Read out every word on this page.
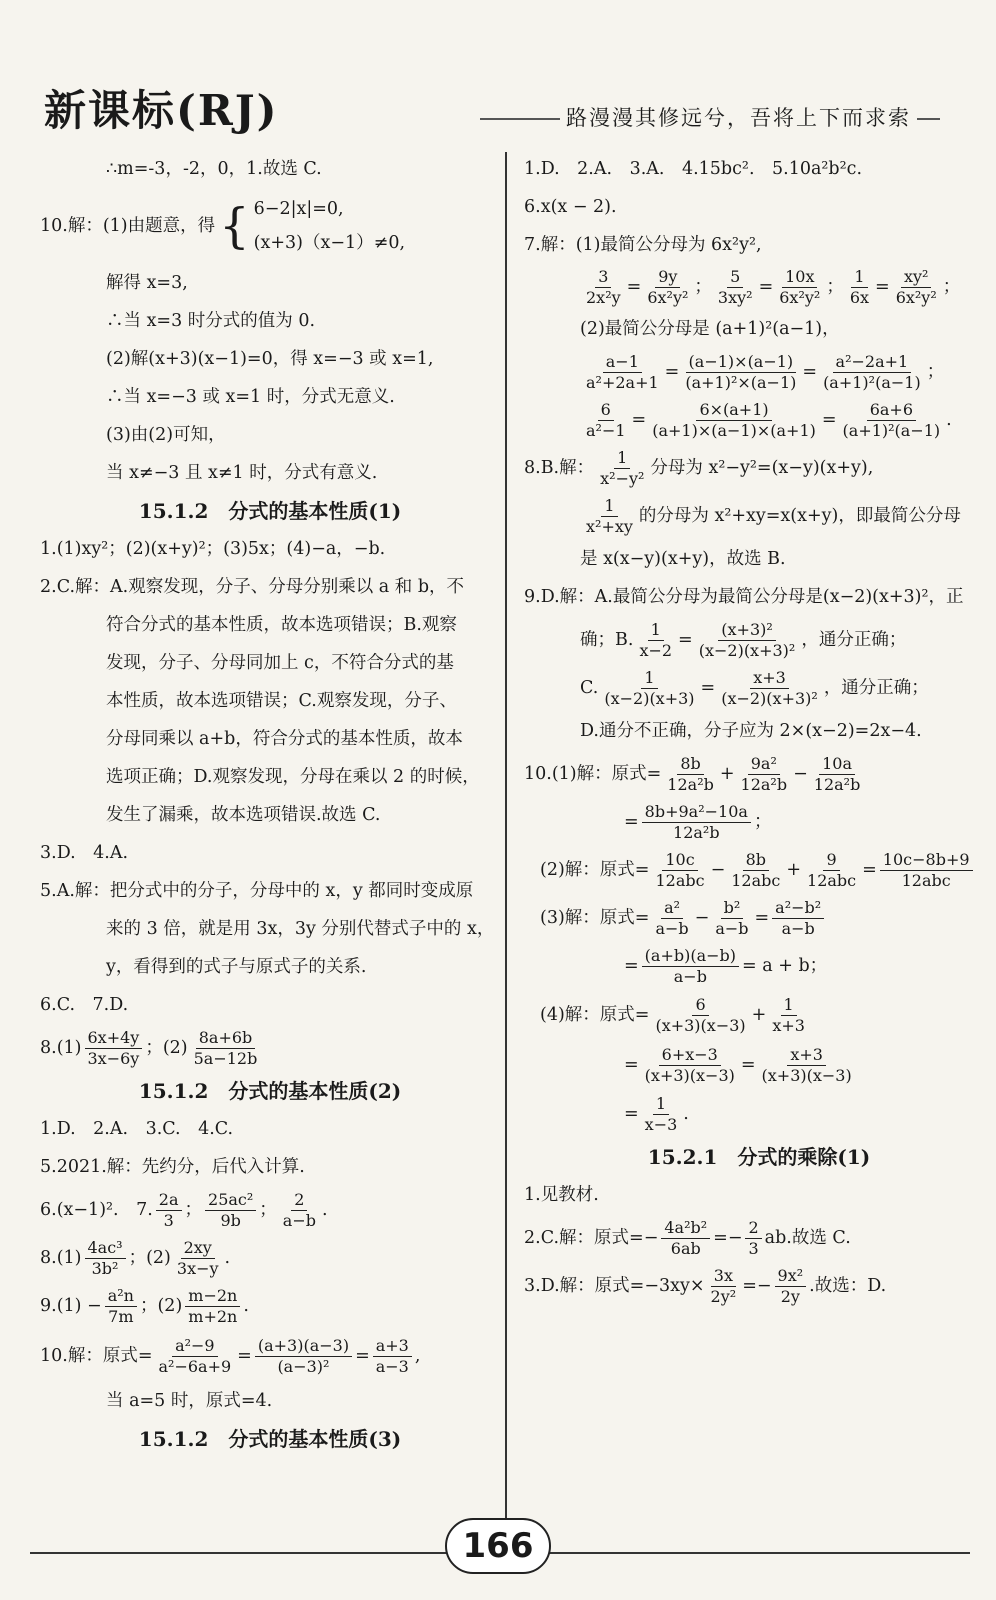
新课标(RJ)	路漫漫其修远兮，吾将上下而求索
∴m=-3，-2，0，1.故选 C.
10.解：(1)由题意，得 { 6−2|x|=0,
(x+3)（x−1）≠0,
解得 x=3,
∴当 x=3 时分式的值为 0.
(2)解(x+3)(x−1)=0，得 x=−3 或 x=1,
∴当 x=−3 或 x=1 时，分式无意义.
(3)由(2)可知，
当 x≠−3 且 x≠1 时，分式有意义.
15.1.2　分式的基本性质(1)
1.(1)xy²；(2)(x+y)²；(3)5x；(4)−a，−b.
2.C.解：A.观察发现，分子、分母分别乘以 a 和 b，不
符合分式的基本性质，故本选项错误；B.观察
发现，分子、分母同加上 c，不符合分式的基
本性质，故本选项错误；C.观察发现，分子、
分母同乘以 a+b，符合分式的基本性质，故本
选项正确；D.观察发现，分母在乘以 2 的时候，
发生了漏乘，故本选项错误.故选 C.
3.D.　4.A.
5.A.解：把分式中的分子，分母中的 x，y 都同时变成原
来的 3 倍，就是用 3x，3y 分别代替式子中的 x，
y，看得到的式子与原式子的关系.
6.C.　7.D.
$8.(1) \frac{6x+4y}{3x-6y}$ ；$(2) \frac{8a+6b}{5a-12b}$
15.1.2　分式的基本性质(2)
1.D.　2.A.　3.C.　4.C.
5.2021.解：先约分，后代入计算.
6.(x−1)².　7. $\frac{2a}{3}$ ； $\frac{\text{25ac²}}{9b}$ ； $\frac{2}{a-b}$ .
$8.(1) \frac{\text{4ac³}}{\text{3b²}}$ ；$(2) \frac{2xy}{3x-y}$ .
$9.(1) - \frac{\text{a²n}}{7m}$ ；$(2) \frac{m-2n}{m+2n}$ .
10.解：原式= $\frac{\text{a²−9}}{\text{a²−6a+9}} = \frac{(a+3)(a-3)}{\text{(a−3)²}} = \frac{a+3}{a-3}$ ,
当 a=5 时，原式=4.
15.1.2　分式的基本性质(3)
1.D.　2.A.　3.A.　4.15bc².　5.10a²b²c.
6.x(x − 2).
7.解：(1)最简公分母为 6x²y²,
$\frac{3}{\text{2x²y}} = \frac{9y}{\text{6x²y²}}$ ； $\frac{5}{\text{3xy²}} = \frac{10x}{\text{6x²y²}}$ ； $\frac{1}{6x} = \frac{\text{xy²}}{\text{6x²y²}}$ ；
(2)最简公分母是 (a+1)²(a−1)，
$\frac{a-1}{\text{a²+2a+1}} = \frac{(a-1)\times(a-1)}{\text{(a+1)²×(a−1)}} = \frac{\text{a²−2a+1}}{\text{(a+1)²(a−1)}}$ ；
$\frac{6}{\text{a²−1}} = \frac{6\times(a+1)}{(a+1)\times(a-1)\times(a+1)} = \frac{6a+6}{\text{(a+1)²(a−1)}}$ .
8.B.解： $\frac{1}{\text{x²−y²}}$ 分母为 x²−y²=(x−y)(x+y),
$\frac{1}{\text{x²+xy}}$ 的分母为 x²+xy=x(x+y)，即最简公分母
是 x(x−y)(x+y)，故选 B.
9.D.解：A.最简公分母为最简公分母是(x−2)(x+3)²，正
确；B. $\frac{1}{x-2} = \frac{\text{(x+3)²}}{\text{(x−2)(x+3)²}}$ ，通分正确；
C. $\frac{1}{(x-2)(x+3)} = \frac{x+3}{\text{(x−2)(x+3)²}}$ ，通分正确；
D.通分不正确，分子应为 2×(x−2)=2x−4.
10.(1)解：原式= $\frac{8b}{\text{12a²b}} + \frac{\text{9a²}}{\text{12a²b}} - \frac{10a}{\text{12a²b}}$
= $\frac{\text{8b+9a²−10a}}{\text{12a²b}}$ ；
(2)解：原式= $\frac{10c}{\text{12abc}} - \frac{8b}{\text{12abc}} + \frac{9}{\text{12abc}} = \frac{10c-8b+9}{\text{12abc}}$
(3)解：原式= $\frac{\text{a²}}{a-b} - \frac{\text{b²}}{a-b} = \frac{\text{a²−b²}}{a-b}$
= $\frac{(a+b)(a-b)}{a-b} = a + b$；
(4)解：原式= $\frac{6}{(x+3)(x-3)} + \frac{1}{x+3}$
= $\frac{6+x-3}{(x+3)(x-3)} = \frac{x+3}{(x+3)(x-3)}$
= $\frac{1}{x-3}$ .
15.2.1　分式的乘除(1)
1.见教材.
2.C.解：原式=− $\frac{\text{4a²b²}}{6ab} =- \frac{2}{3}$ ab.故选 C.
3.D.解：原式$=-3xy\times \frac{3x}{\text{2y²}} =- \frac{\text{9x²}}{2y}$ .故选：D.
166
